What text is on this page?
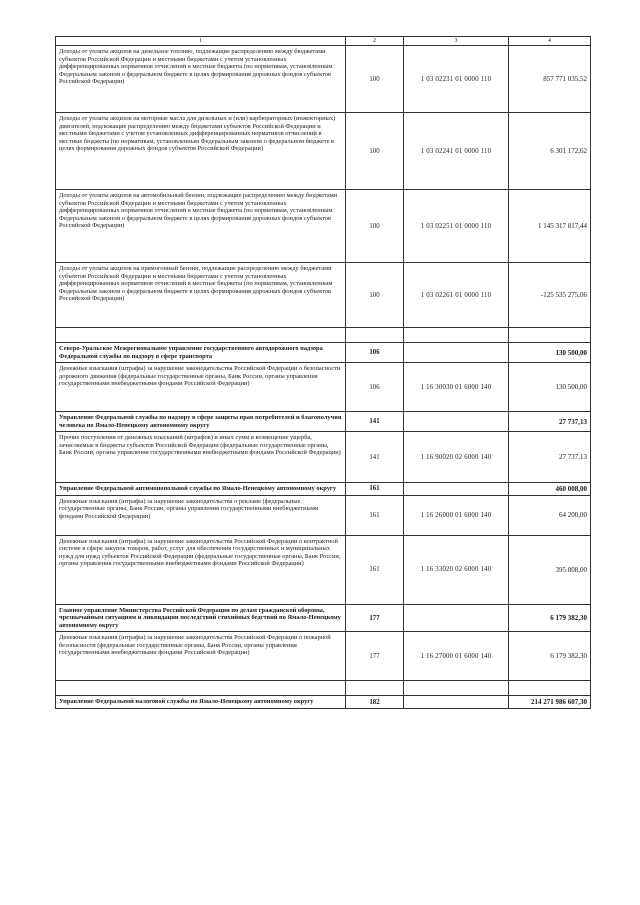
1	2	3	4
Доходы от уплаты акцизов на дизельное топливо, подлежащие распределению между бюджетами субъектов Российской Федерации и местными бюджетами с учетом установленных дифференцированных нормативов отчислений в местные бюджеты (по нормативам, установленным Федеральным законом о федеральном бюджете в целях формирования дорожных фондов субъектов Российской Федерации)	100	1 03 02231 01 0000 110	857 771 035,52
Доходы от уплаты акцизов на моторные масла для дизельных и (или) карбюраторных (инжекторных) двигателей, подлежащие распределению между бюджетами субъектов Российской Федерации и местными бюджетами с учетом установленных дифференцированных нормативов отчислений в местные бюджеты (по нормативам, установленным Федеральным законом о федеральном бюджете в целях формирования дорожных фондов субъектов Российской Федерации)	100	1 03 02241 01 0000 110	6 301 172,62
Доходы от уплаты акцизов на автомобильный бензин, подлежащие распределению между бюджетами субъектов Российской Федерации и местными бюджетами с учетом установленных дифференцированных нормативов отчислений в местные бюджеты (по нормативам, установленным Федеральным законом о федеральном бюджете в целях формирования дорожных фондов субъектов Российской Федерации)	100	1 03 02251 01 0000 110	1 145 317 817,44
Доходы от уплаты акцизов на прямогонный бензин, подлежащие распределению между бюджетами субъектов Российской Федерации и местными бюджетами с учетом установленных дифференцированных нормативов отчислений в местные бюджеты (по нормативам, установленным Федеральным законом о федеральном бюджете в целях формирования дорожных фондов субъектов Российской Федерации)	100	1 03 02261 01 0000 110	-125 535 275,06

Северо-Уральское Межрегиональное управление государственного автодорожного надзора Федеральной службы по надзору в сфере транспорта	106		130 500,00
Денежные взыскания (штрафы) за нарушение законодательства Российской Федерации о безопасности дорожного движения (федеральные государственные органы, Банк России, органы управления государственными внебюджетными фондами Российской Федерации)	106	1 16 30030 01 6000 140	130 500,00
Управление Федеральной службы по надзору в сфере защиты прав потребителей и благополучия человека по Ямало-Ненецкому автономному округу	141		27 737,13
Прочие поступления от денежных взысканий (штрафов) и иных сумм в возмещение ущерба, зачисляемые в бюджеты субъектов Российской Федерации (федеральные государственные органы, Банк России, органы управления государственными внебюджетными фондами Российской Федерации)	141	1 16 90020 02 6000 140	27 737,13
Управление Федеральной антимонопольной службы по Ямало-Ненецкому автономному округу	161		460 008,00
Денежные взыскания (штрафы) за нарушение законодательства о рекламе (федеральные государственные органы, Банк России, органы управления государственными внебюджетными фондами Российской Федерации)	161	1 16 26000 01 6000 140	64 200,00
Денежные взыскания (штрафы) за нарушение законодательства Российской Федерации о контрактной системе в сфере закупок товаров, работ, услуг для обеспечения государственных и муниципальных нужд для нужд субъектов Российской Федерации (федеральные государственные органы, Банк России, органы управления государственными внебюджетными фондами Российской Федерации)	161	1 16 33020 02 6000 140	395 808,00
Главное управление Министерства Российской Федерации по делам гражданской обороны, чрезвычайным ситуациям и ликвидации последствий стихийных бедствий по Ямало-Ненецкому автономному округу	177		6 179 382,30
Денежные взыскания (штрафы) за нарушение законодательства Российской Федерации о пожарной безопасности (федеральные государственные органы, Банк России, органы управления государственными внебюджетными фондами Российской Федерации)	177	1 16 27000 01 6000 140	6 179 382,30

Управление Федеральной налоговой службы по Ямало-Ненецкому автономному округу	182		214 271 986 607,30
